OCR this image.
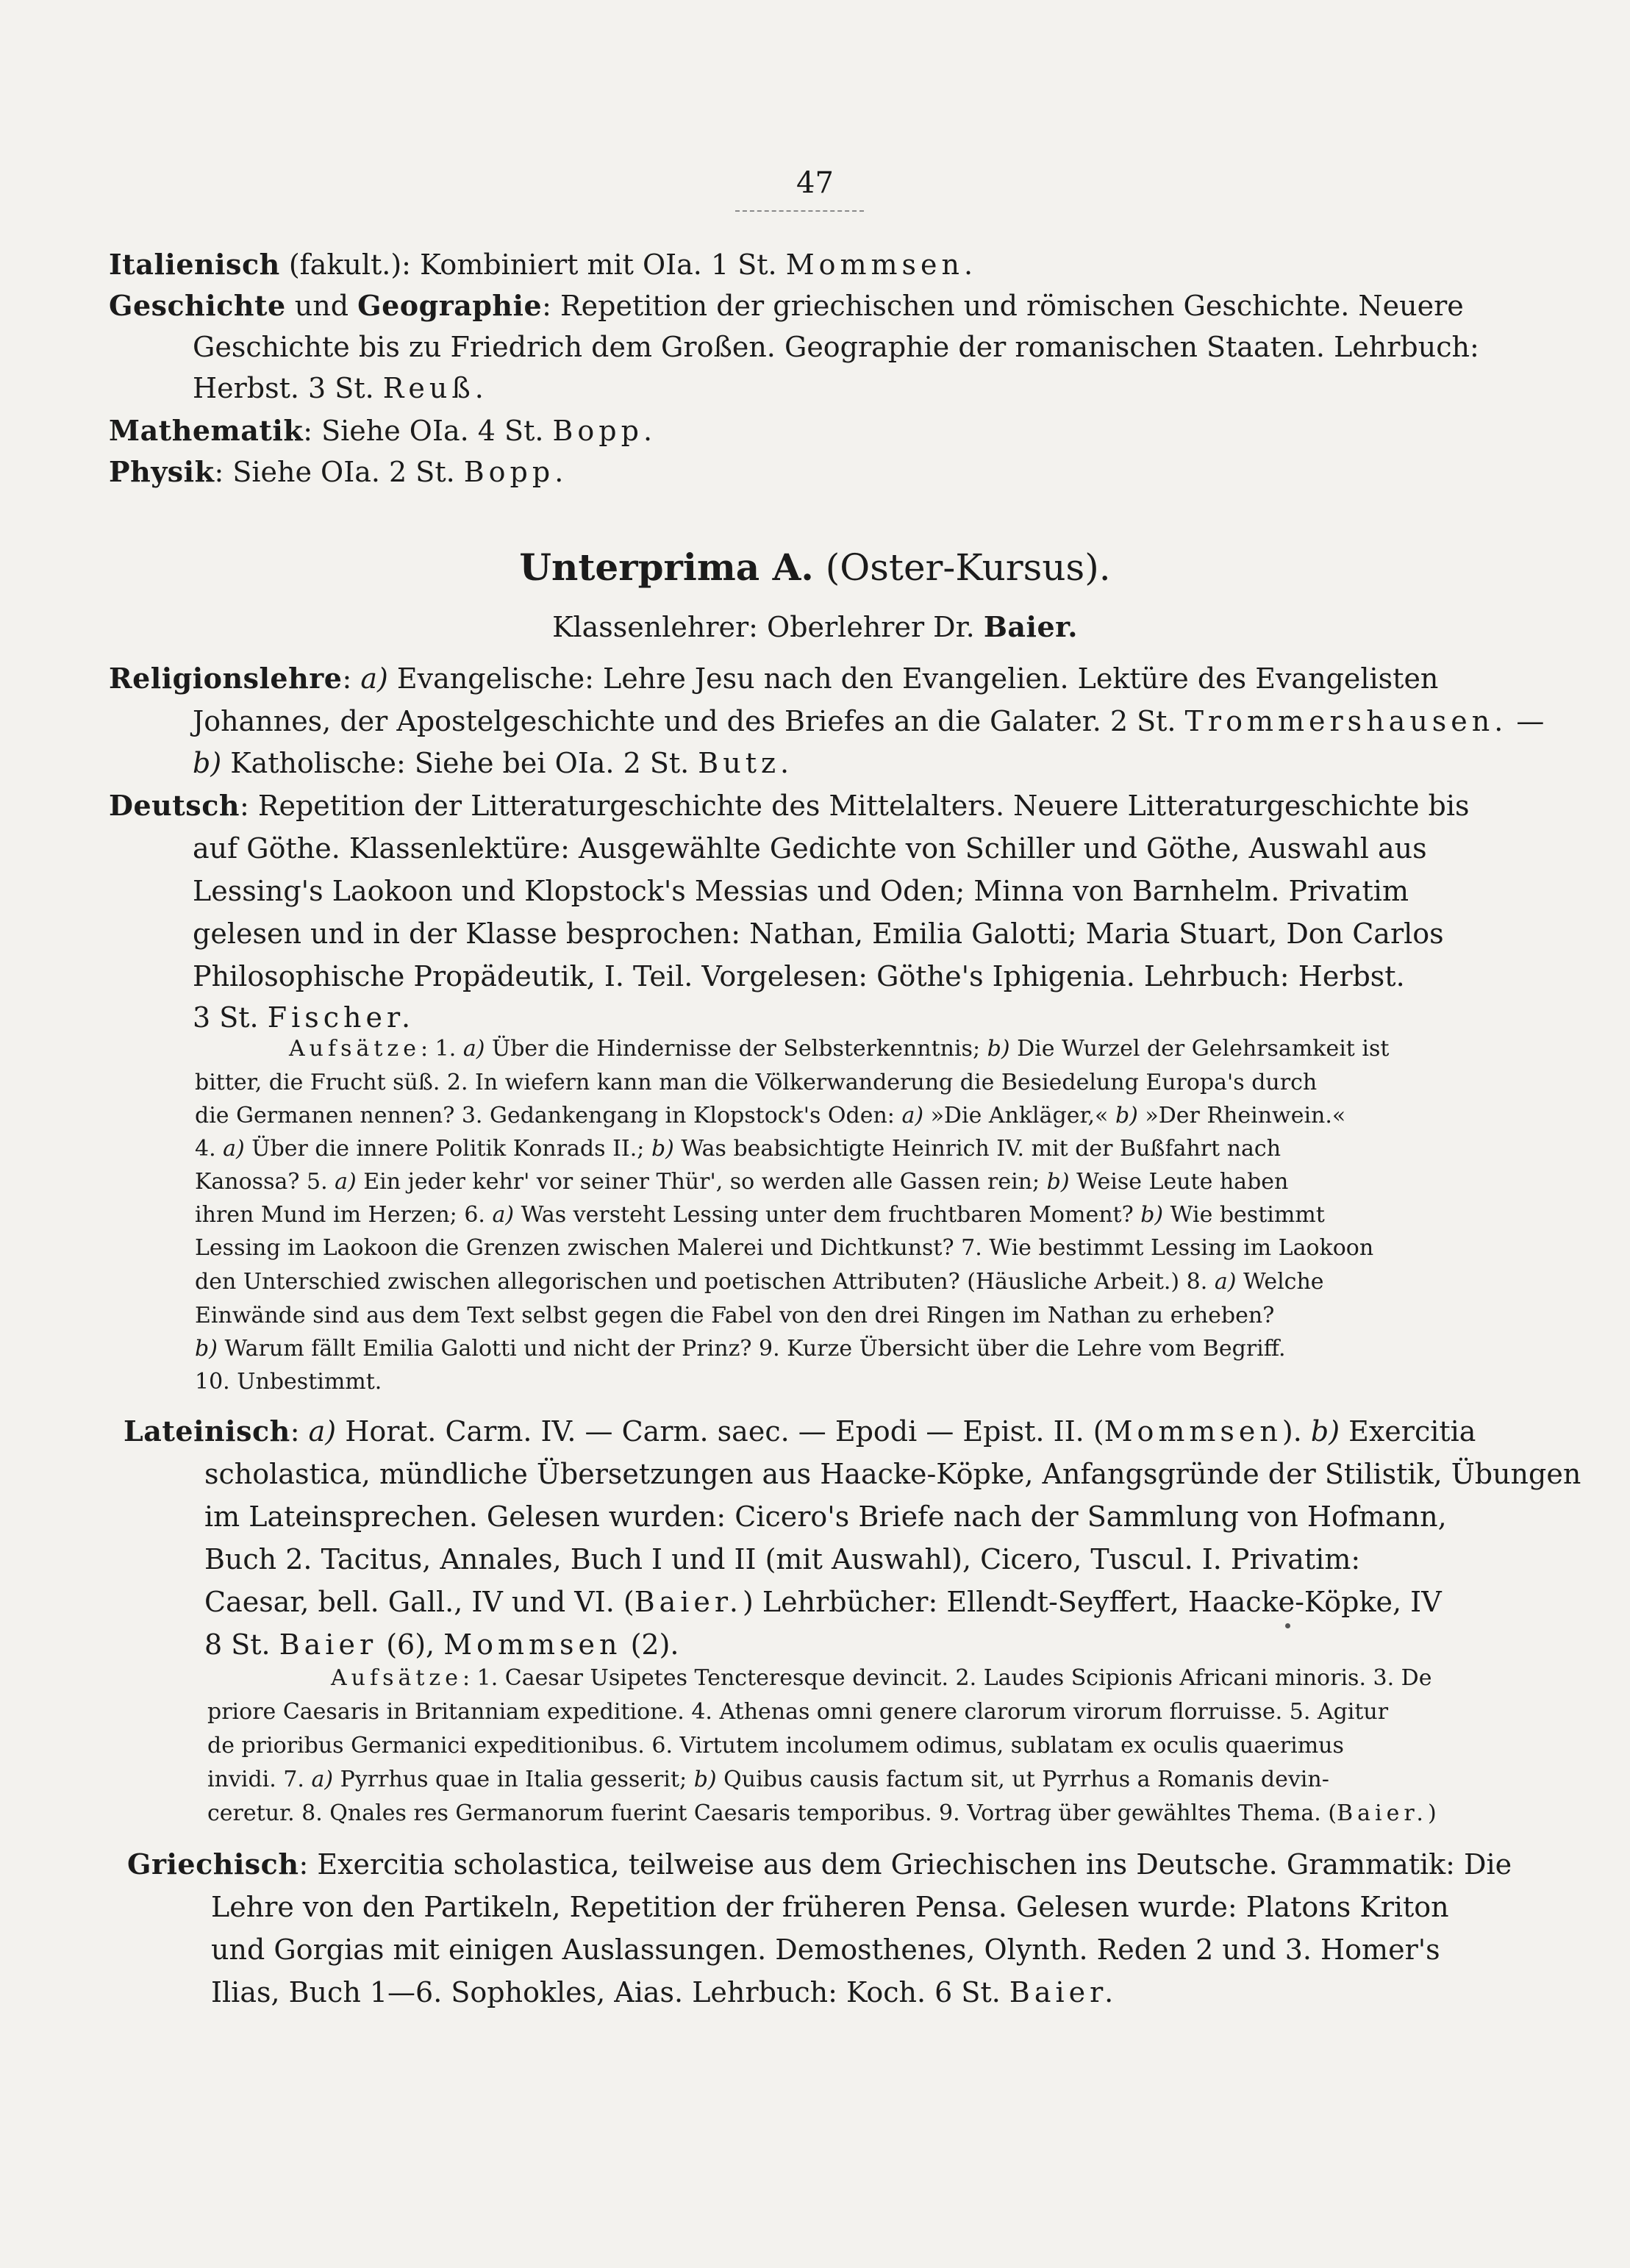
47
Italienisch (fakult.): Kombiniert mit OIa. 1 St. Mommsen.
Geschichte und Geographie: Repetition der griechischen und römischen Geschichte. Neuere
Geschichte bis zu Friedrich dem Großen. Geographie der romanischen Staaten. Lehrbuch:
Herbst. 3 St. Reuß.
Mathematik: Siehe OIa. 4 St. Bopp.
Physik: Siehe OIa. 2 St. Bopp.
Unterprima A. (Oster-Kursus).
Klassenlehrer: Oberlehrer Dr. Baier.
Religionslehre: a) Evangelische: Lehre Jesu nach den Evangelien. Lektüre des Evangelisten
Johannes, der Apostelgeschichte und des Briefes an die Galater. 2 St. Trommershausen. —
b) Katholische: Siehe bei OIa. 2 St. Butz.
Deutsch: Repetition der Litteraturgeschichte des Mittelalters. Neuere Litteraturgeschichte bis
auf Göthe. Klassenlektüre: Ausgewählte Gedichte von Schiller und Göthe, Auswahl aus
Lessing's Laokoon und Klopstock's Messias und Oden; Minna von Barnhelm. Privatim
gelesen und in der Klasse besprochen: Nathan, Emilia Galotti; Maria Stuart, Don Carlos
Philosophische Propädeutik, I. Teil. Vorgelesen: Göthe's Iphigenia. Lehrbuch: Herbst.
3 St. Fischer.
Aufsätze: 1. a) Über die Hindernisse der Selbsterkenntnis; b) Die Wurzel der Gelehrsamkeit ist
bitter, die Frucht süß. 2. In wiefern kann man die Völkerwanderung die Besiedelung Europa's durch
die Germanen nennen? 3. Gedankengang in Klopstock's Oden: a) »Die Ankläger,« b) »Der Rheinwein.«
4. a) Über die innere Politik Konrads II.; b) Was beabsichtigte Heinrich IV. mit der Bußfahrt nach
Kanossa? 5. a) Ein jeder kehr' vor seiner Thür', so werden alle Gassen rein; b) Weise Leute haben
ihren Mund im Herzen; 6. a) Was versteht Lessing unter dem fruchtbaren Moment? b) Wie bestimmt
Lessing im Laokoon die Grenzen zwischen Malerei und Dichtkunst? 7. Wie bestimmt Lessing im Laokoon
den Unterschied zwischen allegorischen und poetischen Attributen? (Häusliche Arbeit.) 8. a) Welche
Einwände sind aus dem Text selbst gegen die Fabel von den drei Ringen im Nathan zu erheben?
b) Warum fällt Emilia Galotti und nicht der Prinz? 9. Kurze Übersicht über die Lehre vom Begriff.
10. Unbestimmt.
Lateinisch: a) Horat. Carm. IV. — Carm. saec. — Epodi — Epist. II. (Mommsen). b) Exercitia
scholastica, mündliche Übersetzungen aus Haacke-Köpke, Anfangsgründe der Stilistik, Übungen
im Lateinsprechen. Gelesen wurden: Cicero's Briefe nach der Sammlung von Hofmann,
Buch 2. Tacitus, Annales, Buch I und II (mit Auswahl), Cicero, Tuscul. I. Privatim:
Caesar, bell. Gall., IV und VI. (Baier.) Lehrbücher: Ellendt-Seyffert, Haacke-Köpke, IV
8 St. Baier (6), Mommsen (2).
Aufsätze: 1. Caesar Usipetes Tencteresque devincit. 2. Laudes Scipionis Africani minoris. 3. De
priore Caesaris in Britanniam expeditione. 4. Athenas omni genere clarorum virorum florruisse. 5. Agitur
de prioribus Germanici expeditionibus. 6. Virtutem incolumem odimus, sublatam ex oculis quaerimus
invidi. 7. a) Pyrrhus quae in Italia gesserit; b) Quibus causis factum sit, ut Pyrrhus a Romanis devin-
ceretur. 8. Qnales res Germanorum fuerint Caesaris temporibus. 9. Vortrag über gewähltes Thema. (Baier.)
Griechisch: Exercitia scholastica, teilweise aus dem Griechischen ins Deutsche. Grammatik: Die
Lehre von den Partikeln, Repetition der früheren Pensa. Gelesen wurde: Platons Kriton
und Gorgias mit einigen Auslassungen. Demosthenes, Olynth. Reden 2 und 3. Homer's
Ilias, Buch 1—6. Sophokles, Aias. Lehrbuch: Koch. 6 St. Baier.
